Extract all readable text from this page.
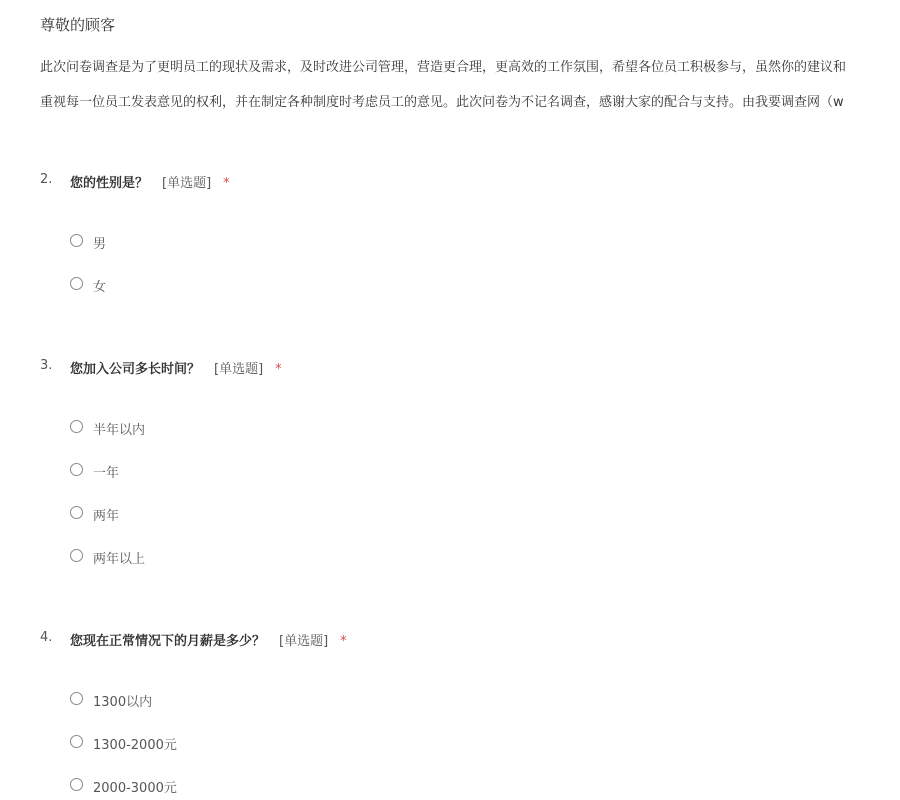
尊敬的顾客
此次问卷调查是为了更明员工的现状及需求，及时改进公司管理，营造更合理，更高效的工作氛围，希望各位员工积极参与，虽然你的建议和
重视每一位员工发表意见的权利，并在制定各种制度时考虑员工的意见。此次问卷为不记名调查，感谢大家的配合与支持。由我要调查网（w
2. 您的性别是？ [单选题] *
男
女
3. 您加入公司多长时间？ [单选题] *
半年以内
一年
两年
两年以上
4. 您现在正常情况下的月薪是多少？ [单选题] *
1300以内
1300-2000元
2000-3000元
